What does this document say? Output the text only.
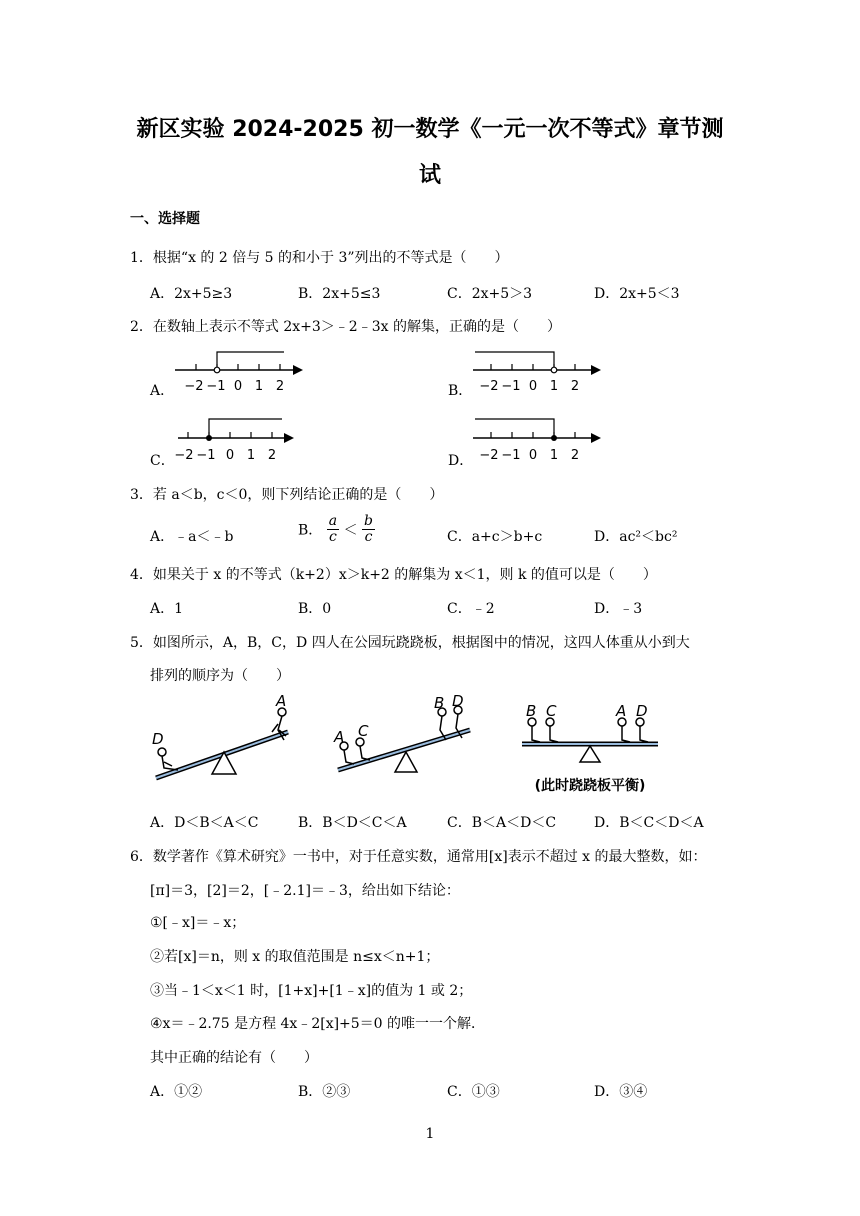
新区实验 2024-2025 初一数学《一元一次不等式》章节测
试
一、选择题
1．根据“x 的 2 倍与 5 的和小于 3”列出的不等式是（　　）
A．2x+5≥3	B．2x+5≤3	C．2x+5＞3	D．2x+5＜3
2．在数轴上表示不等式 2x+3＞﹣2﹣3x 的解集，正确的是（　　）
A． −2 −1 0 1 2	B． −2 −1 0 1 2
C． −2 −1 0 1 2	D． −2 −1 0 1 2
3．若 a＜b，c＜0，则下列结论正确的是（　　）
A．﹣a＜﹣b	B． $\frac{a}{c} < \frac{b}{c}$	C．a+c＞b+c	D．ac²＜bc²
4．如果关于 x 的不等式（k+2）x＞k+2 的解集为 x＜1，则 k 的值可以是（　　）
A．1	B．0	C．﹣2	D．﹣3
5．如图所示，A，B，C，D 四人在公园玩跷跷板，根据图中的情况，这四人体重从小到大
排列的顺序为（　　）
A
D	A C
B D
B C	A D
(此时跷跷板平衡)
A．D＜B＜A＜C	B．B＜D＜C＜A	C．B＜A＜D＜C	D．B＜C＜D＜A
6．数学著作《算术研究》一书中，对于任意实数，通常用[x]表示不超过 x 的最大整数，如：
[π]＝3，[2]＝2，[﹣2.1]＝﹣3，给出如下结论：
①[﹣x]＝﹣x；
②若[x]＝n，则 x 的取值范围是 n≤x＜n+1；
③当﹣1＜x＜1 时，[1+x]+[1﹣x]的值为 1 或 2；
④x＝﹣2.75 是方程 4x﹣2[x]+5＝0 的唯一一个解．
其中正确的结论有（　　）
A．①②	B．②③	C．①③	D．③④
1
